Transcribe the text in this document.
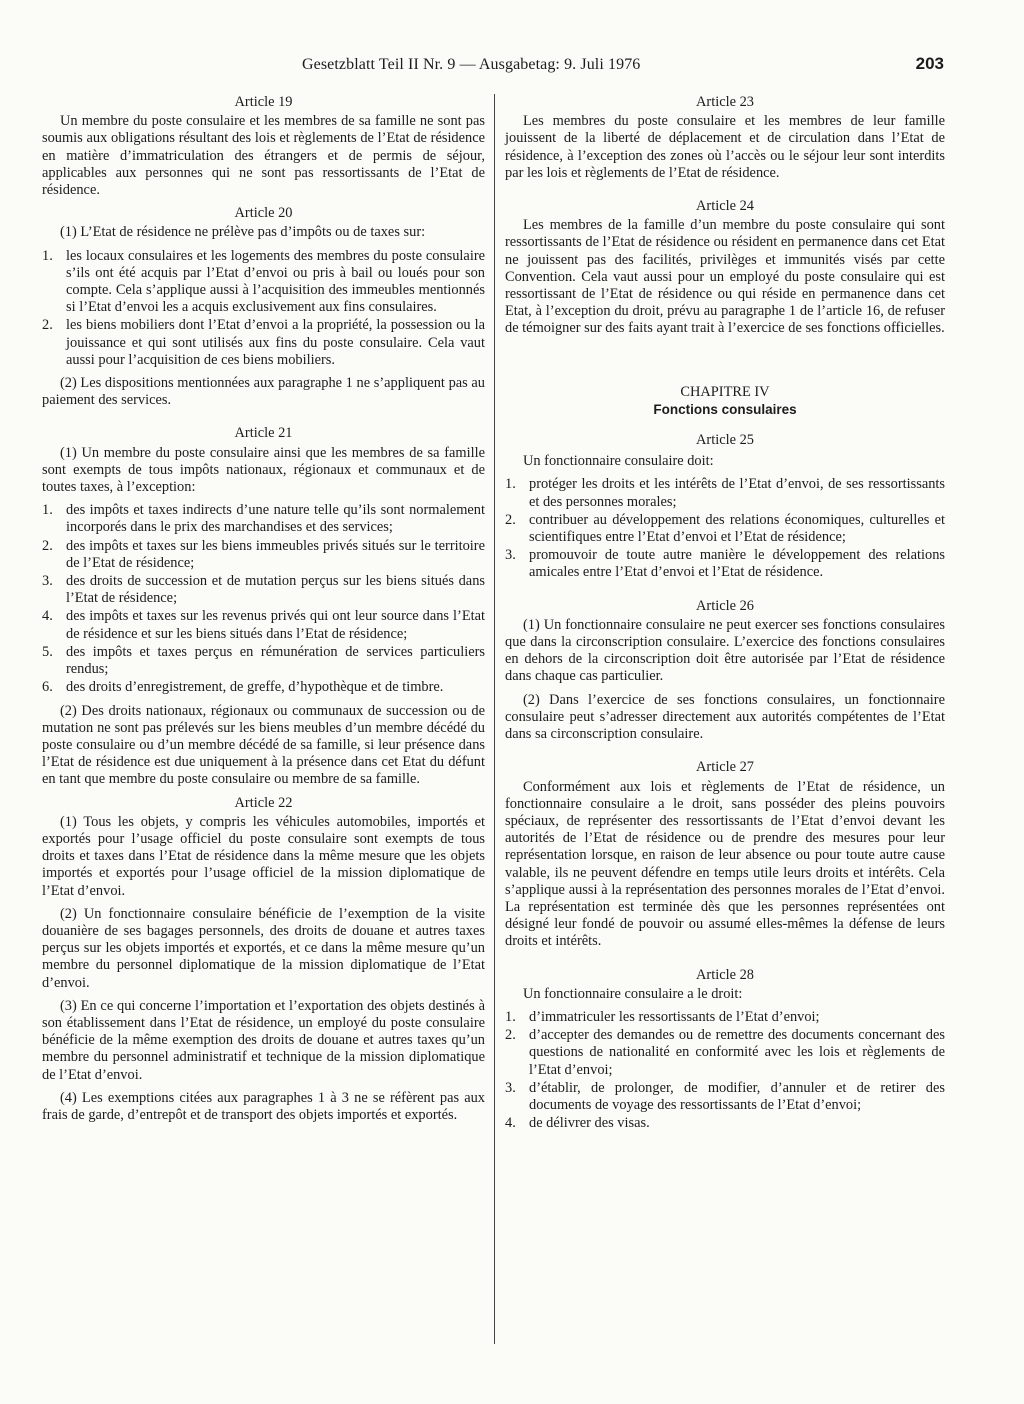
Gesetzblatt Teil II Nr. 9 — Ausgabetag: 9. Juli 1976	203
Article 19

Un membre du poste consulaire et les membres de sa famille ne sont pas soumis aux obligations résultant des lois et règlements de l’Etat de résidence en matière d’immatriculation des étrangers et de permis de séjour, applicables aux personnes qui ne sont pas ressortissants de l’Etat de résidence.

Article 20

(1) L’Etat de résidence ne prélève pas d’impôts ou de taxes sur:

1. les locaux consulaires et les logements des membres du poste consulaire s’ils ont été acquis par l’Etat d’envoi ou pris à bail ou loués pour son compte. Cela s’applique aussi à l’acquisition des immeubles mentionnés si l’Etat d’envoi les a acquis exclusivement aux fins consulaires.
2. les biens mobiliers dont l’Etat d’envoi a la propriété, la possession ou la jouissance et qui sont utilisés aux fins du poste consulaire. Cela vaut aussi pour l’acquisition de ces biens mobiliers.

(2) Les dispositions mentionnées aux paragraphe 1 ne s’appliquent pas au paiement des services.

Article 21

(1) Un membre du poste consulaire ainsi que les membres de sa famille sont exempts de tous impôts nationaux, régionaux et communaux et de toutes taxes, à l’exception:

1. des impôts et taxes indirects d’une nature telle qu’ils sont normalement incorporés dans le prix des marchandises et des services;
2. des impôts et taxes sur les biens immeubles privés situés sur le territoire de l’Etat de résidence;
3. des droits de succession et de mutation perçus sur les biens situés dans l’Etat de résidence;
4. des impôts et taxes sur les revenus privés qui ont leur source dans l’Etat de résidence et sur les biens situés dans l’Etat de résidence;
5. des impôts et taxes perçus en rémunération de services particuliers rendus;
6. des droits d’enregistrement, de greffe, d’hypothèque et de timbre.

(2) Des droits nationaux, régionaux ou communaux de succession ou de mutation ne sont pas prélevés sur les biens meubles d’un membre décédé du poste consulaire ou d’un membre décédé de sa famille, si leur présence dans l’Etat de résidence est due uniquement à la présence dans cet Etat du défunt en tant que membre du poste consulaire ou membre de sa famille.

Article 22

(1) Tous les objets, y compris les véhicules automobiles, importés et exportés pour l’usage officiel du poste consulaire sont exempts de tous droits et taxes dans l’Etat de résidence dans la même mesure que les objets importés et exportés pour l’usage officiel de la mission diplomatique de l’Etat d’envoi.

(2) Un fonctionnaire consulaire bénéficie de l’exemption de la visite douanière de ses bagages personnels, des droits de douane et autres taxes perçus sur les objets importés et exportés, et ce dans la même mesure qu’un membre du personnel diplomatique de la mission diplomatique de l’Etat d’envoi.

(3) En ce qui concerne l’importation et l’exportation des objets destinés à son établissement dans l’Etat de résidence, un employé du poste consulaire bénéficie de la même exemption des droits de douane et autres taxes qu’un membre du personnel administratif et technique de la mission diplomatique de l’Etat d’envoi.

(4) Les exemptions citées aux paragraphes 1 à 3 ne se réfèrent pas aux frais de garde, d’entrepôt et de transport des objets importés et exportés.

Article 23

Les membres du poste consulaire et les membres de leur famille jouissent de la liberté de déplacement et de circulation dans l’Etat de résidence, à l’exception des zones où l’accès ou le séjour leur sont interdits par les lois et règlements de l’Etat de résidence.

Article 24

Les membres de la famille d’un membre du poste consulaire qui sont ressortissants de l’Etat de résidence ou résident en permanence dans cet Etat ne jouissent pas des facilités, privilèges et immunités visés par cette Convention. Cela vaut aussi pour un employé du poste consulaire qui est ressortissant de l’Etat de résidence ou qui réside en permanence dans cet Etat, à l’exception du droit, prévu au paragraphe 1 de l’article 16, de refuser de témoigner sur des faits ayant trait à l’exercice de ses fonctions officielles.

CHAPITRE IV
Fonctions consulaires
Article 25

Un fonctionnaire consulaire doit:

1. protéger les droits et les intérêts de l’Etat d’envoi, de ses ressortissants et des personnes morales;
2. contribuer au développement des relations économiques, culturelles et scientifiques entre l’Etat d’envoi et l’Etat de résidence;
3. promouvoir de toute autre manière le développement des relations amicales entre l’Etat d’envoi et l’Etat de résidence.
Article 26

(1) Un fonctionnaire consulaire ne peut exercer ses fonctions consulaires que dans la circonscription consulaire. L’exercice des fonctions consulaires en dehors de la circonscription doit être autorisée par l’Etat de résidence dans chaque cas particulier.

(2) Dans l’exercice de ses fonctions consulaires, un fonctionnaire consulaire peut s’adresser directement aux autorités compétentes de l’Etat dans sa circonscription consulaire.

Article 27

Conformément aux lois et règlements de l’Etat de résidence, un fonctionnaire consulaire a le droit, sans posséder des pleins pouvoirs spéciaux, de représenter des ressortissants de l’Etat d’envoi devant les autorités de l’Etat de résidence ou de prendre des mesures pour leur représentation lorsque, en raison de leur absence ou pour toute autre cause valable, ils ne peuvent défendre en temps utile leurs droits et intérêts. Cela s’applique aussi à la représentation des personnes morales de l’Etat d’envoi. La représentation est terminée dès que les personnes représentées ont désigné leur fondé de pouvoir ou assumé elles-mêmes la défense de leurs droits et intérêts.

Article 28

Un fonctionnaire consulaire a le droit:

1. d’immatriculer les ressortissants de l’Etat d’envoi;
2. d’accepter des demandes ou de remettre des documents concernant des questions de nationalité en conformité avec les lois et règlements de l’Etat d’envoi;
3. d’établir, de prolonger, de modifier, d’annuler et de retirer des documents de voyage des ressortissants de l’Etat d’envoi;
4. de délivrer des visas.
